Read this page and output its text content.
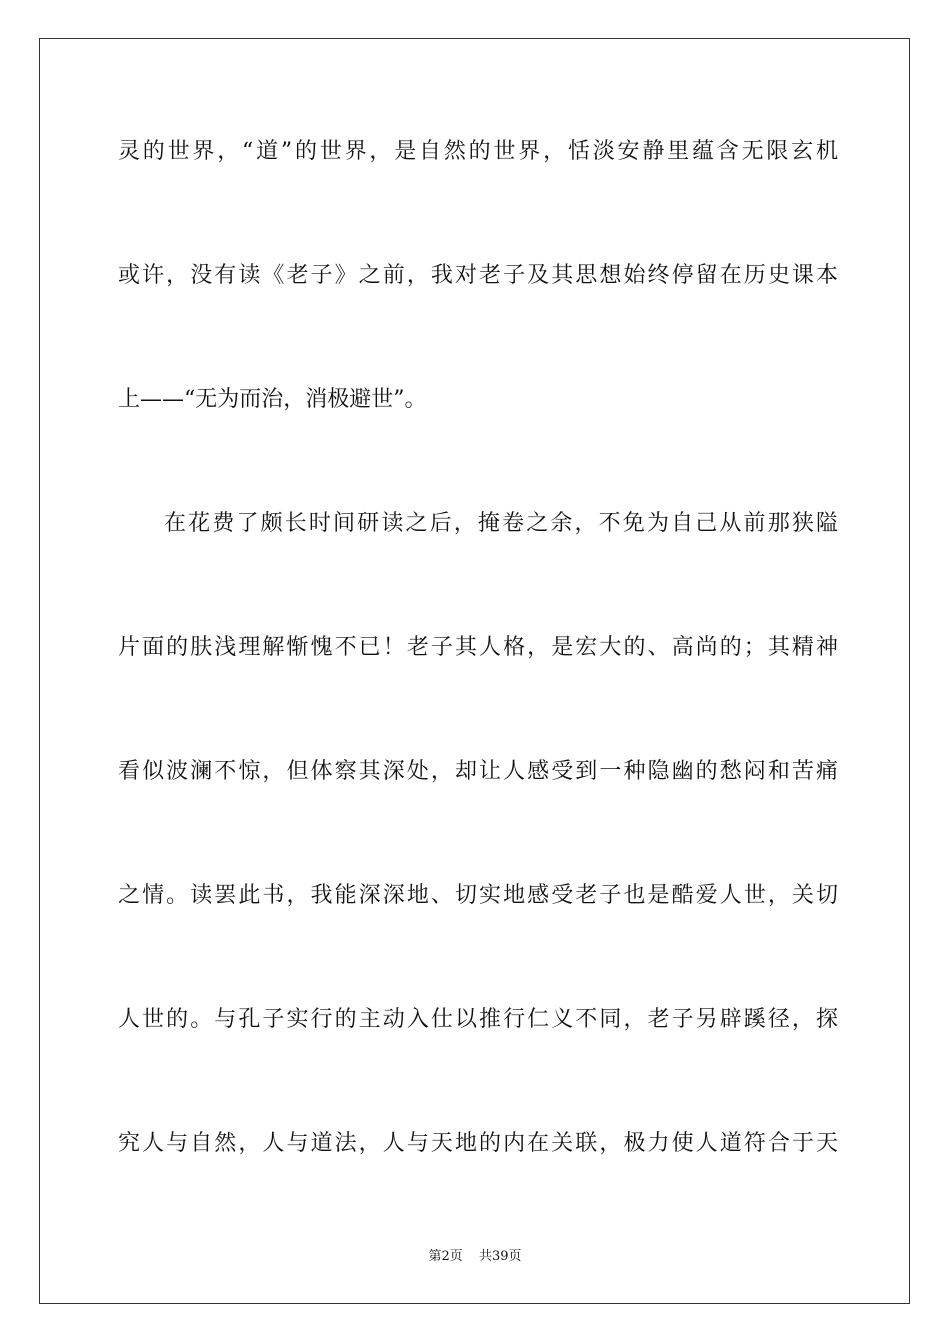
灵的世界，“道”的世界，是自然的世界，恬淡安静里蕴含无限玄机
或许，没有读《老子》之前，我对老子及其思想始终停留在历史课本
上——“无为而治，消极避世”。
在花费了颇长时间研读之后，掩卷之余，不免为自己从前那狭隘
片面的肤浅理解惭愧不已！老子其人格，是宏大的、高尚的；其精神
看似波澜不惊，但体察其深处，却让人感受到一种隐幽的愁闷和苦痛
之情。读罢此书，我能深深地、切实地感受老子也是酷爱人世，关切
人世的。与孔子实行的主动入仕以推行仁义不同，老子另辟蹊径，探
究人与自然，人与道法，人与天地的内在关联，极力使人道符合于天
第2页 共39页
